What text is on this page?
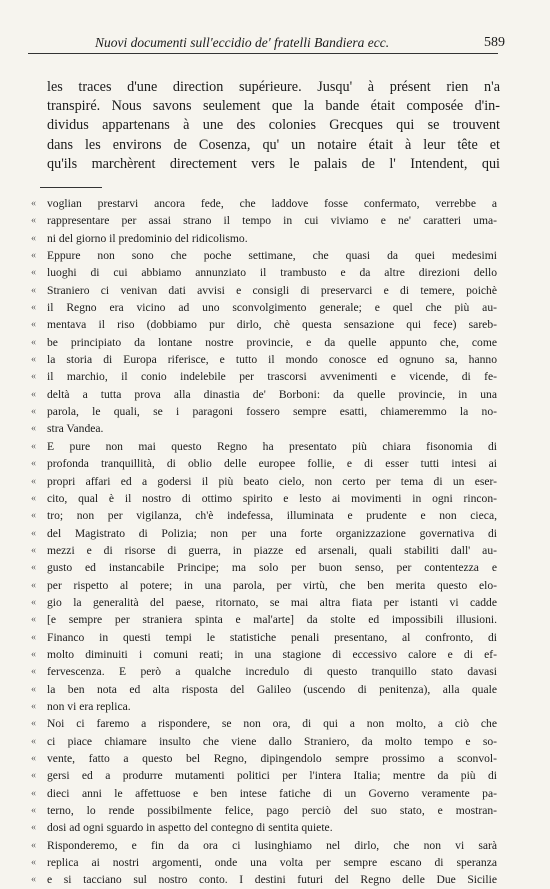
Nuovi documenti sull'eccidio de' fratelli Bandiera ecc.	589
les traces d'une direction supérieure. Jusqu' à présent rien n'a
transpiré. Nous savons seulement que la bande était composée d'in-
dividus appartenans à une des colonies Grecques qui se trouvent
dans les environs de Cosenza, qu' un notaire était à leur tête et
qu'ils marchèrent directement vers le palais de l' Intendent, qui
« voglian prestarvi ancora fede, che laddove fosse confermato, verrebbe a
« rappresentare per assai strano il tempo in cui viviamo e ne' caratteri uma-
« ni del giorno il predominio del ridicolismo.
« Eppure non sono che poche settimane, che quasi da quei medesimi
« luoghi di cui abbiamo annunziato il trambusto e da altre direzioni dello
« Straniero ci venivan dati avvisi e consigli di preservarci e di temere, poichè
« il Regno era vicino ad uno sconvolgimento generale; e quel che più au-
« mentava il riso (dobbiamo pur dirlo, chè questa sensazione qui fece) sareb-
« be principiato da lontane nostre provincie, e da quelle appunto che, come
« la storia di Europa riferisce, e tutto il mondo conosce ed ognuno sa, hanno
« il marchio, il conio indelebile per trascorsi avvenimenti e vicende, di fe-
« deltà a tutta prova alla dinastia de' Borboni: da quelle provincie, in una
« parola, le quali, se i paragoni fossero sempre esatti, chiameremmo la no-
« stra Vandea.
« E pure non mai questo Regno ha presentato più chiara fisonomia di
« profonda tranquillità, di oblio delle europee follie, e di esser tutti intesi ai
« propri affari ed a godersi il più beato cielo, non certo per tema di un eser-
« cito, qual è il nostro di ottimo spirito e lesto ai movimenti in ogni rincon-
« tro; non per vigilanza, ch'è indefessa, illuminata e prudente e non cieca,
« del Magistrato di Polizia; non per una forte organizzazione governativa di
« mezzi e di risorse di guerra, in piazze ed arsenali, quali stabiliti dall' au-
« gusto ed instancabile Principe; ma solo per buon senso, per contentezza e
« per rispetto al potere; in una parola, per virtù, che ben merita questo elo-
« gio la generalità del paese, ritornato, se mai altra fiata per istanti vi cadde
« [e sempre per straniera spinta e mal'arte] da stolte ed impossibili illusioni.
« Financo in questi tempi le statistiche penali presentano, al confronto, di
« molto diminuiti i comuni reati; in una stagione di eccessivo calore e di ef-
« fervescenza. E però a qualche incredulo di questo tranquillo stato davasi
« la ben nota ed alta risposta del Galileo (uscendo di penitenza), alla quale
« non vi era replica.
« Noi ci faremo a rispondere, se non ora, di qui a non molto, a ciò che
« ci piace chiamare insulto che viene dallo Straniero, da molto tempo e so-
« vente, fatto a questo bel Regno, dipingendolo sempre prossimo a sconvol-
« gersi ed a produrre mutamenti politici per l'intera Italia; mentre da più di
« dieci anni le affettuose e ben intese fatiche di un Governo veramente pa-
« terno, lo rende possibilmente felice, pago perciò del suo stato, e mostran-
« dosi ad ogni sguardo in aspetto del contegno di sentita quiete.
« Risponderemo, e fin da ora ci lusinghiamo nel dirlo, che non vi sarà
« replica ai nostri argomenti, onde una volta per sempre escano di speranza
« e si tacciano sul nostro conto. I destini futuri del Regno delle Due Sicilie
